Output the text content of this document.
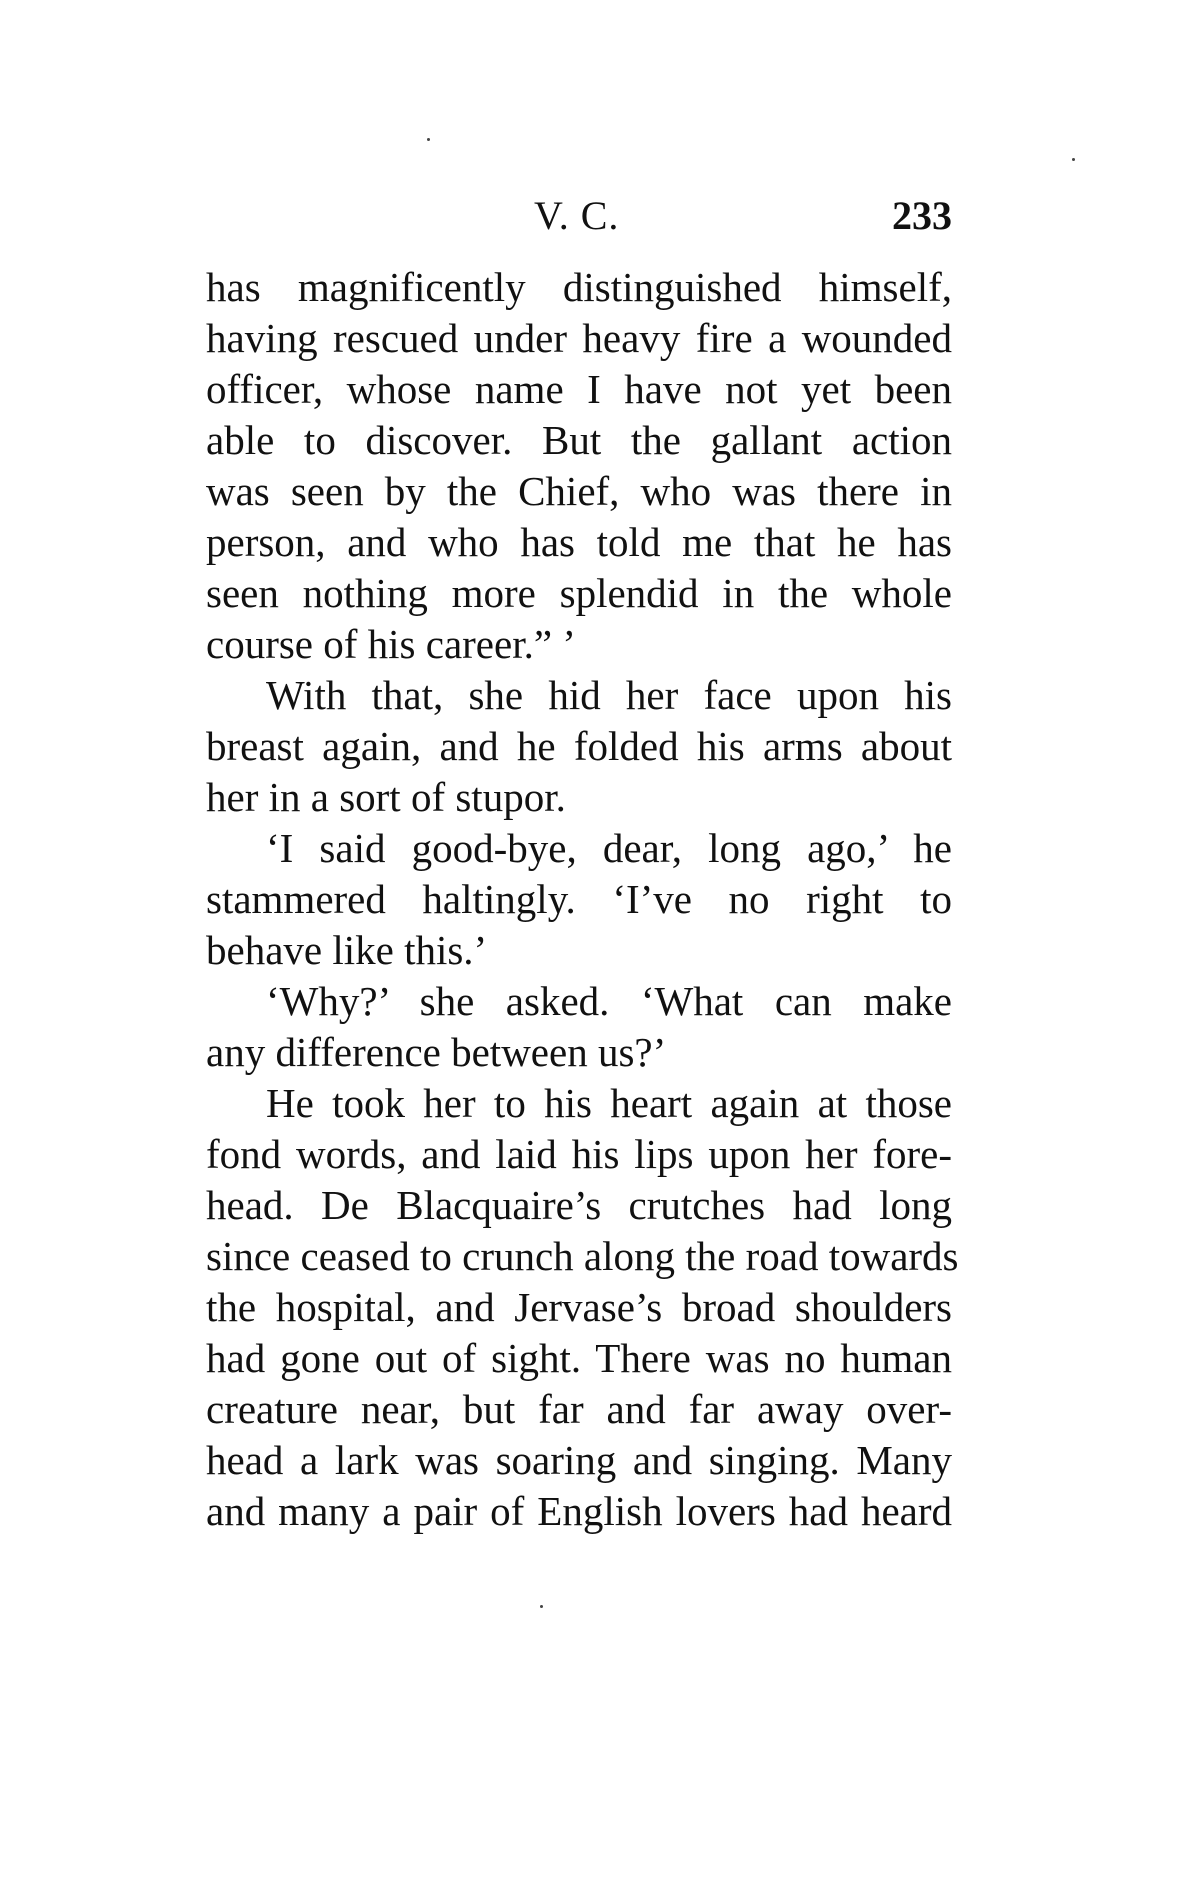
V. C.	233

has magnificently distinguished himself,
having rescued under heavy fire a wounded
officer, whose name I have not yet been
able to discover. But the gallant action
was seen by the Chief, who was there in
person, and who has told me that he has
seen nothing more splendid in the whole
course of his career.” ’

With that, she hid her face upon his
breast again, and he folded his arms about
her in a sort of stupor.

‘I said good-bye, dear, long ago,’ he
stammered haltingly. ‘I’ve no right to
behave like this.’

‘Why?’ she asked. ‘What can make
any difference between us?’

He took her to his heart again at those
fond words, and laid his lips upon her fore-
head. De Blacquaire’s crutches had long
since ceased to crunch along the road towards
the hospital, and Jervase’s broad shoulders
had gone out of sight. There was no human
creature near, but far and far away over-
head a lark was soaring and singing. Many
and many a pair of English lovers had heard
